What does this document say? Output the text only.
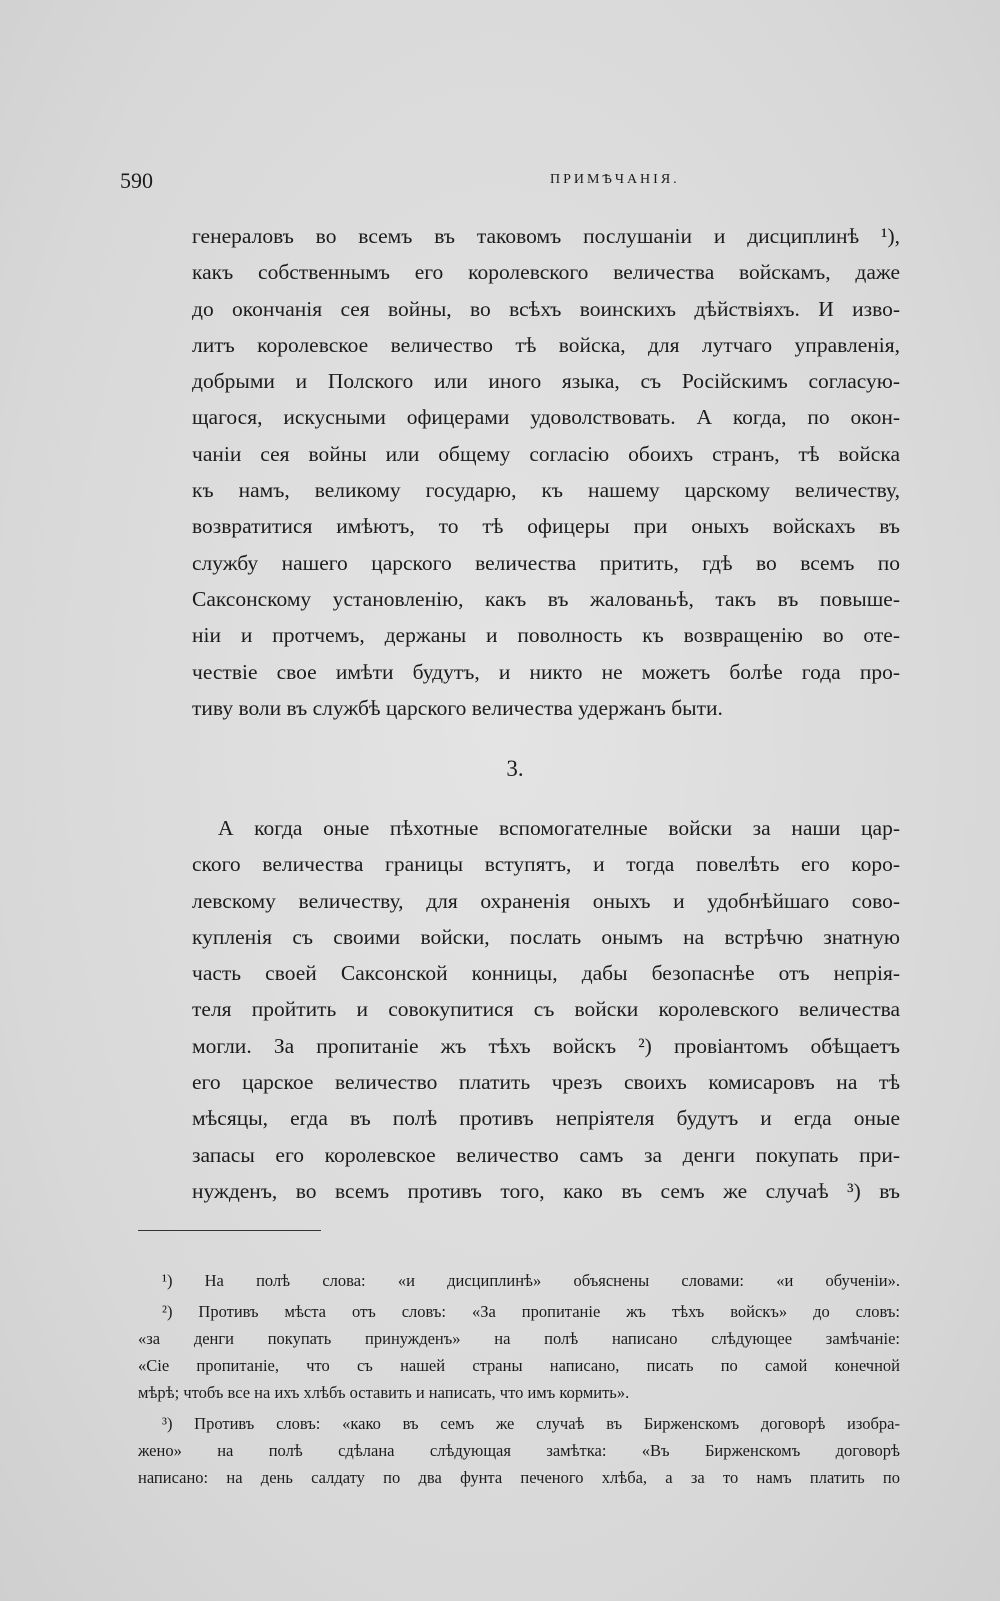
590	ПРИМѢЧАНІЯ.
генераловъ во всемъ въ таковомъ послушаніи и дисциплинѣ ¹),
какъ собственнымъ его королевского величества войскамъ, даже
до окончанія сея войны, во всѣхъ воинскихъ дѣйствіяхъ. И изво-
литъ королевское величество тѣ войска, для лутчаго управленія,
добрыми и Полского или иного языка, съ Російскимъ согласую-
щагося, искусными офицерами удоволствовать. А когда, по окон-
чаніи сея войны или общему согласію обоихъ странъ, тѣ войска
къ намъ, великому государю, къ нашему царскому величеству,
возвратитися имѣютъ, то тѣ офицеры при оныхъ войскахъ въ
службу нашего царского величества притить, гдѣ во всемъ по
Саксонскому установленію, какъ въ жалованьѣ, такъ въ повыше-
ніи и протчемъ, держаны и поволность къ возвращенію во оте-
чествіе свое имѣти будутъ, и никто не можетъ болѣе года про-
тиву воли въ службѣ царского величества удержанъ быти.
3.
А когда оные пѣхотные вспомогателные войски за наши цар-
ского величества границы вступятъ, и тогда повелѣть его коро-
левскому величеству, для охраненія оныхъ и удобнѣйшаго сово-
купленія съ своими войски, послать онымъ на встрѣчю знатную
часть своей Саксонской конницы, дабы безопаснѣе отъ непрія-
теля пройтить и совокупитися съ войски королевского величества
могли. За пропитаніе жъ тѣхъ войскъ ²) провіантомъ обѣщаетъ
его царское величество платить чрезъ своихъ комисаровъ на тѣ
мѣсяцы, егда въ полѣ противъ непріятеля будутъ и егда оные
запасы его королевское величество самъ за денги покупать при-
нужденъ, во всемъ противъ того, како въ семъ же случаѣ ³) въ
¹) На полѣ слова: «и дисциплинѣ» объяснены словами: «и обученіи».
²) Противъ мѣста отъ словъ: «За пропитаніе жъ тѣхъ войскъ» до словъ:
«за денги покупать принужденъ» на полѣ написано слѣдующее замѣчаніе:
«Сіе пропитаніе, что съ нашей страны написано, писать по самой конечной
мѣрѣ; чтобъ все на ихъ хлѣбъ оставить и написать, что имъ кормить».
³) Противъ словъ: «како въ семъ же случаѣ въ Бирженскомъ договорѣ изобра-
жено» на полѣ сдѣлана слѣдующая замѣтка: «Въ Бирженскомъ договорѣ
написано: на день салдату по два фунта печеного хлѣба, а за то намъ платить по
